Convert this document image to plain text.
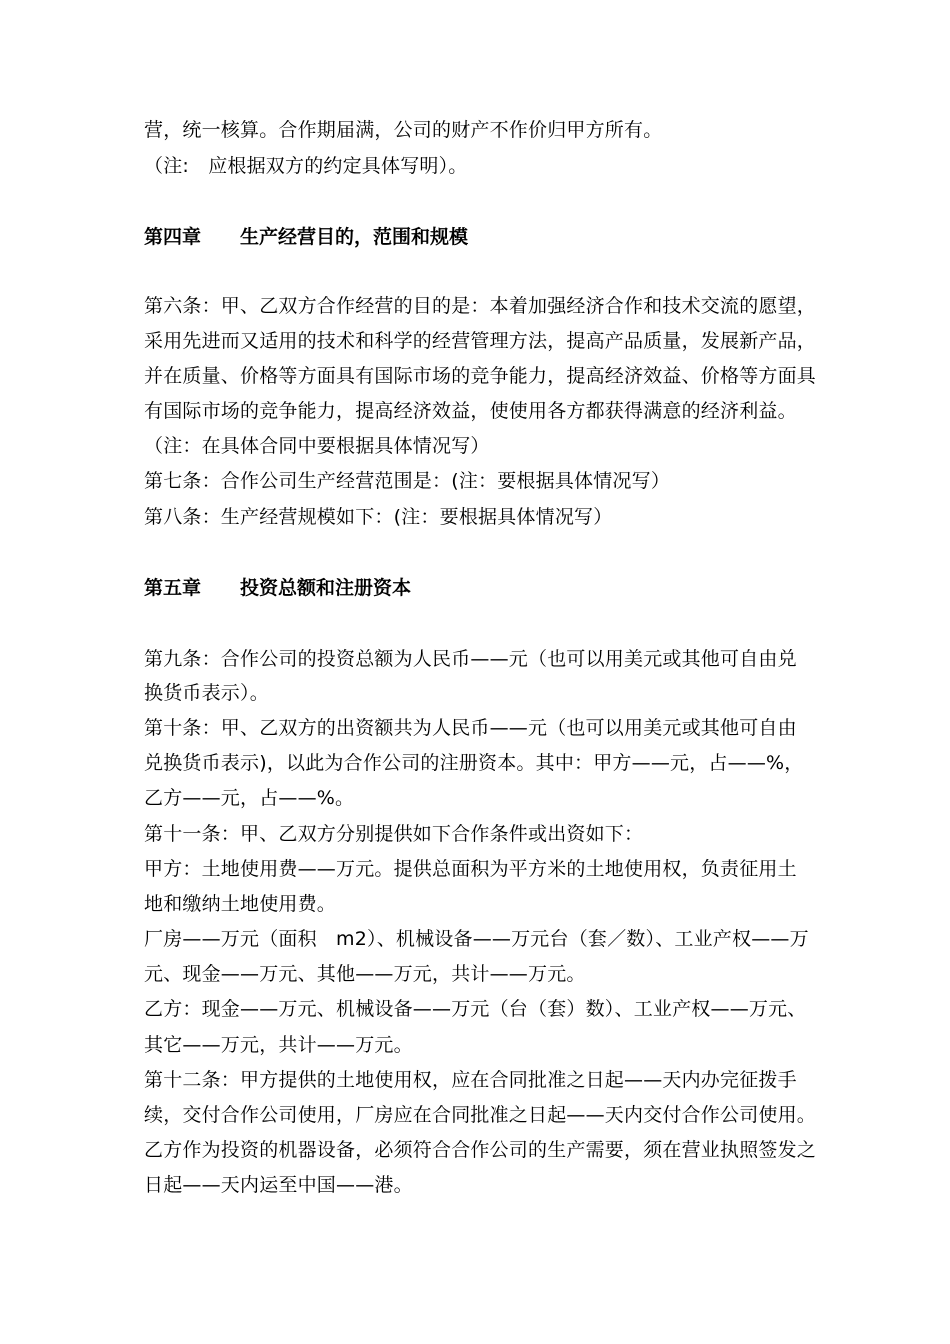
营，统一核算。合作期届满，公司的财产不作价归甲方所有。
（注:　应根据双方的约定具体写明）。
第四章 生产经营目的，范围和规模
第六条：甲、乙双方合作经营的目的是：本着加强经济合作和技术交流的愿望，
采用先进而又适用的技术和科学的经营管理方法，提高产品质量，发展新产品，
并在质量、价格等方面具有国际市场的竞争能力，提高经济效益、价格等方面具
有国际市场的竞争能力，提高经济效益，使使用各方都获得满意的经济利益。
（注：在具体合同中要根据具体情况写）
第七条：合作公司生产经营范围是：(注：要根据具体情况写）
第八条：生产经营规模如下：(注：要根据具体情况写）
第五章 投资总额和注册资本
第九条：合作公司的投资总额为人民币——元（也可以用美元或其他可自由兑
换货币表示）。
第十条：甲、乙双方的出资额共为人民币——元（也可以用美元或其他可自由
兑换货币表示)，以此为合作公司的注册资本。其中：甲方——元，占——%，
乙方——元，占——%。
第十一条：甲、乙双方分别提供如下合作条件或出资如下：
甲方：土地使用费——万元。提供总面积为平方米的土地使用权，负责征用土
地和缴纳土地使用费。
厂房——万元（面积　m2）、机械设备——万元台（套／数）、工业产权——万
元、现金——万元、其他——万元，共计——万元。
乙方：现金——万元、机械设备——万元（台（套）数）、工业产权——万元、
其它——万元，共计——万元。
第十二条：甲方提供的土地使用权，应在合同批准之日起——天内办完征拨手
续，交付合作公司使用，厂房应在合同批准之日起——天内交付合作公司使用。
乙方作为投资的机器设备，必须符合合作公司的生产需要，须在营业执照签发之
日起——天内运至中国——港。
